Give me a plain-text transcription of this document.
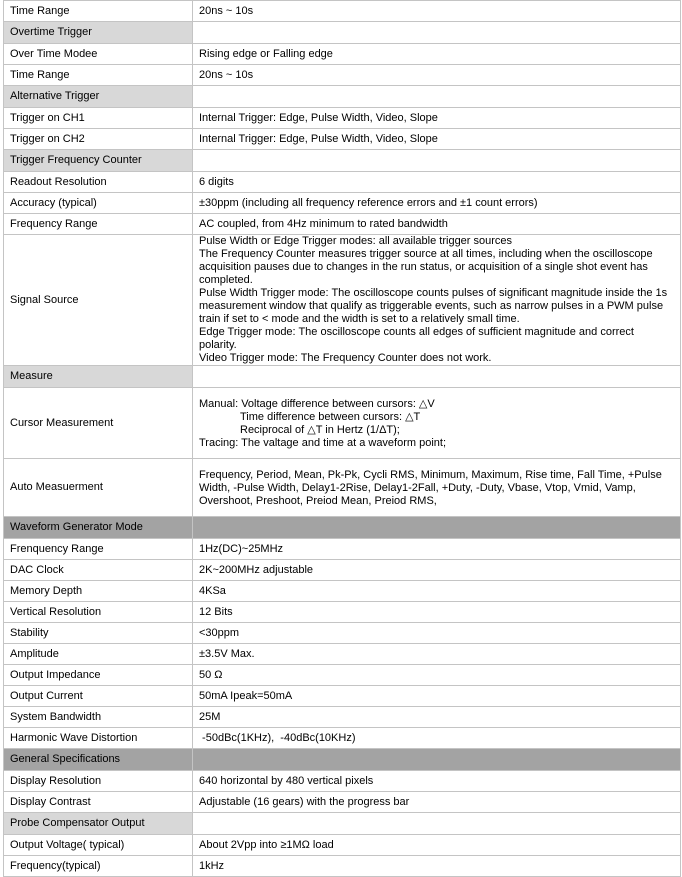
Time Range	20ns ~ 10s
Overtime Trigger	
Over Time Modee	Rising edge or Falling edge
Time Range	20ns ~ 10s
Alternative Trigger	
Trigger on CH1	Internal Trigger: Edge, Pulse Width, Video, Slope
Trigger on CH2	Internal Trigger: Edge, Pulse Width, Video, Slope
Trigger Frequency Counter	
Readout Resolution	6 digits
Accuracy (typical)	±30ppm (including all frequency reference errors and ±1 count errors)
Frequency Range	AC coupled, from 4Hz minimum to rated bandwidth
Signal Source	Pulse Width or Edge Trigger modes: all available trigger sources
The Frequency Counter measures trigger source at all times, including when the oscilloscope acquisition pauses due to changes in the run status, or acquisition of a single shot event has completed.
Pulse Width Trigger mode: The oscilloscope counts pulses of significant magnitude inside the 1s measurement window that qualify as triggerable events, such as narrow pulses in a PWM pulse train if set to < mode and the width is set to a relatively small time.
Edge Trigger mode: The oscilloscope counts all edges of sufficient magnitude and correct polarity.
Video Trigger mode: The Frequency Counter does not work.

Measure	
Cursor Measurement	Manual: Voltage difference between cursors: △V
Time difference between cursors: △T
Reciprocal of △T in Hertz (1/ΔT);
Tracing: The valtage and time at a waveform point;

Auto Measuerment	Frequency, Period, Mean, Pk-Pk, Cycli RMS, Minimum, Maximum, Rise time, Fall Time, +Pulse Width, -Pulse Width, Delay1-2Rise, Delay1-2Fall, +Duty, -Duty, Vbase, Vtop, Vmid, Vamp, Overshoot, Preshoot, Preiod Mean, Preiod RMS,

Waveform Generator Mode	
Frenquency Range	1Hz(DC)~25MHz
DAC Clock	2K~200MHz adjustable
Memory Depth	4KSa
Vertical Resolution	12 Bits
Stability	<30ppm
Amplitude	±3.5V Max.
Output Impedance	50 Ω
Output Current	50mA Ipeak=50mA
System Bandwidth	25M
Harmonic Wave Distortion	-50dBc(1KHz),  -40dBc(10KHz)
General Specifications	
Display Resolution	640 horizontal by 480 vertical pixels
Display Contrast	Adjustable (16 gears) with the progress bar
Probe Compensator Output	
Output Voltage( typical)	About 2Vpp into ≥1MΩ load
Frequency(typical)	1kHz
